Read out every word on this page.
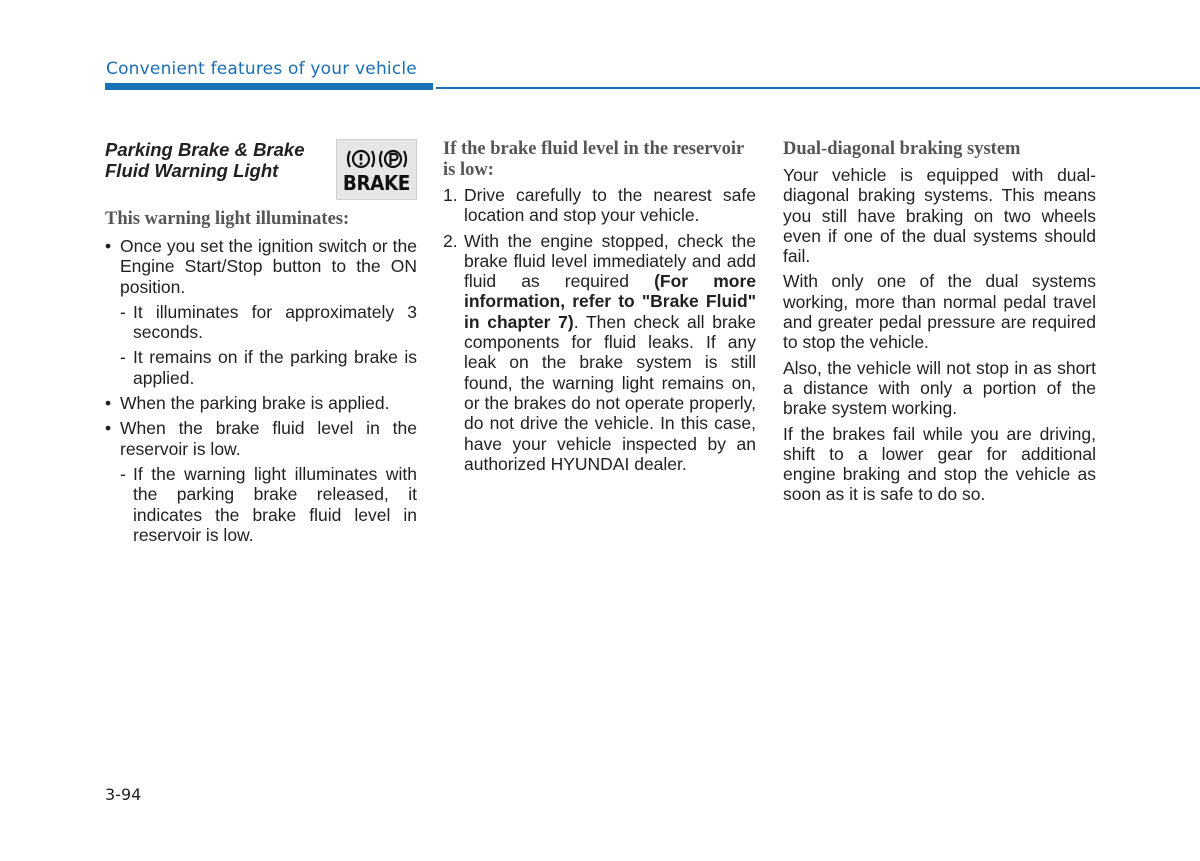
Convenient features of your vehicle
Parking Brake & Brake Fluid Warning Light
BRAKE
This warning light illuminates:
• Once you set the ignition switch or the Engine Start/Stop button to the ON position.
- It illuminates for approximately 3 seconds.
- It remains on if the parking brake is applied.
• When the parking brake is applied.
• When the brake fluid level in the reservoir is low.
- If the warning light illuminates with the parking brake released, it indicates the brake fluid level in reservoir is low.
If the brake fluid level in the reservoir is low:
1. Drive carefully to the nearest safe location and stop your vehicle.
2. With the engine stopped, check the brake fluid level immediately and add fluid as required (For more information, refer to "Brake Fluid" in chapter 7). Then check all brake components for fluid leaks. If any leak on the brake system is still found, the warning light remains on, or the brakes do not operate properly, do not drive the vehicle. In this case, have your vehicle inspected by an authorized HYUNDAI dealer.
Dual-diagonal braking system

Your vehicle is equipped with dual-diagonal braking systems. This means you still have braking on two wheels even if one of the dual systems should fail.

With only one of the dual systems working, more than normal pedal travel and greater pedal pressure are required to stop the vehicle.

Also, the vehicle will not stop in as short a distance with only a portion of the brake system working.

If the brakes fail while you are driving, shift to a lower gear for additional engine braking and stop the vehicle as soon as it is safe to do so.

3-94
